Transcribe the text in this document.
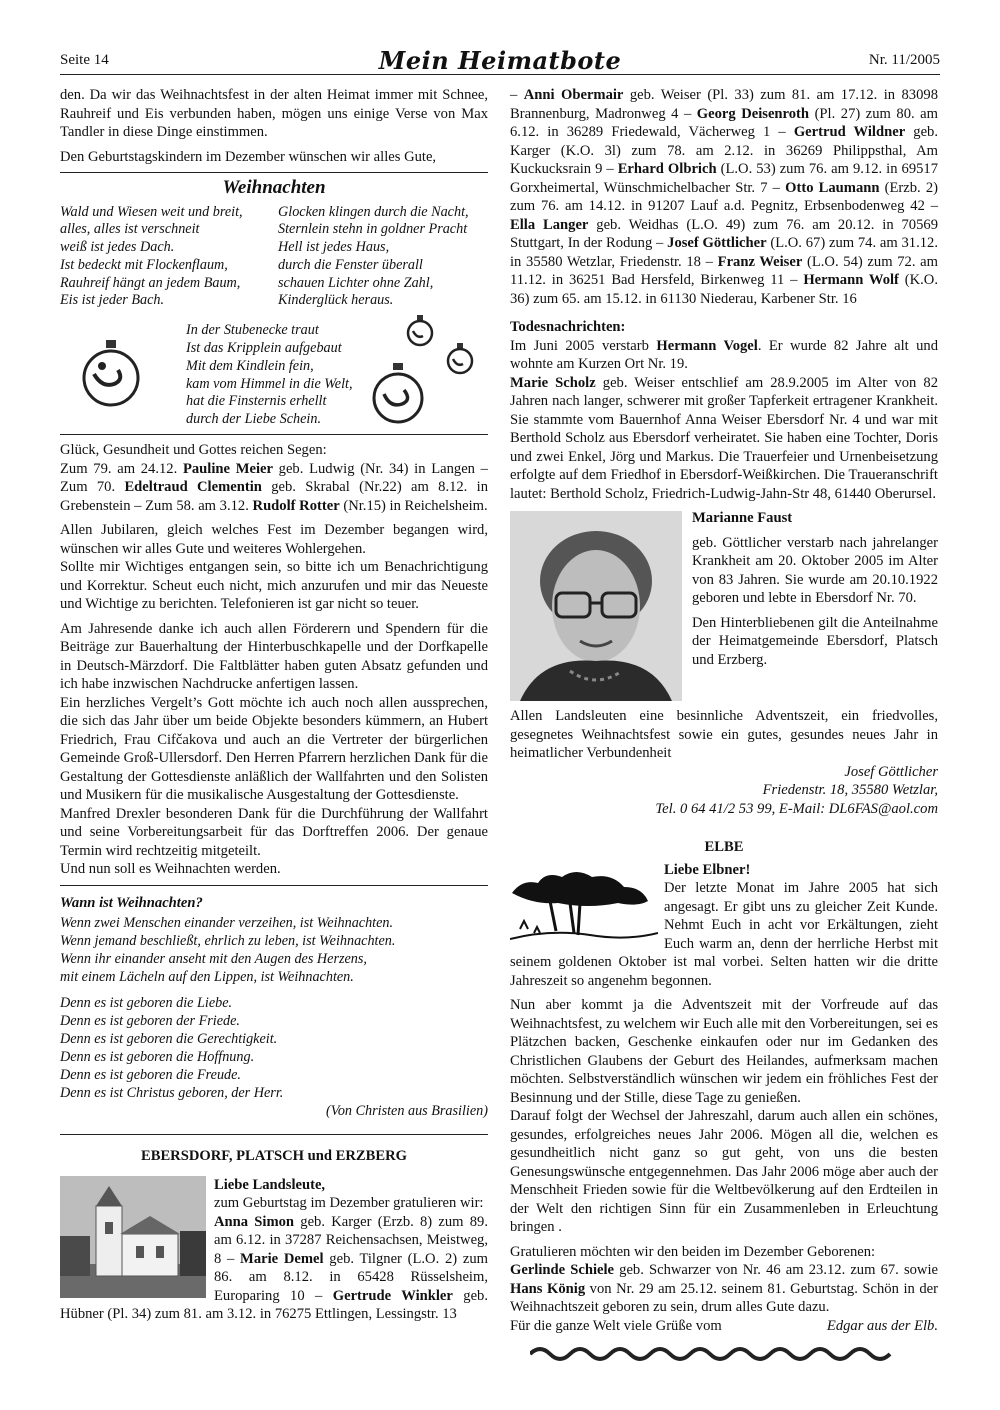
Seite 14	Mein Heimatbote	Nr. 11/2005

den. Da wir das Weihnachtsfest in der alten Heimat immer mit Schnee, Rauhreif und Eis verbunden haben, mögen uns einige Verse von Max Tandler in diese Dinge einstimmen.

Den Geburtstagskindern im Dezember wünschen wir alles Gute,

Weihnachten
Wald und Wiesen weit und breit,
alles, alles ist verschneit
weiß ist jedes Dach.
Ist bedeckt mit Flockenflaum,
Rauhreif hängt an jedem Baum,
Eis ist jeder Bach.
Glocken klingen durch die Nacht,
Sternlein stehn in goldner Pracht
Hell ist jedes Haus,
durch die Fenster überall
schauen Lichter ohne Zahl,
Kinderglück heraus.
In der Stubenecke traut
Ist das Kripplein aufgebaut
Mit dem Kindlein fein,
kam vom Himmel in die Welt,
hat die Finsternis erhellt
durch der Liebe Schein.

Glück, Gesundheit und Gottes reichen Segen:

Zum 79. am 24.12. Pauline Meier geb. Ludwig (Nr. 34) in Langen – Zum 70. Edeltraud Clementin geb. Skrabal (Nr.22) am 8.12. in Grebenstein – Zum 58. am 3.12. Rudolf Rotter (Nr.15) in Reichelsheim.

Allen Jubilaren, gleich welches Fest im Dezember begangen wird, wünschen wir alles Gute und weiteres Wohlergehen.

Sollte mir Wichtiges entgangen sein, so bitte ich um Benachrichtigung und Korrektur. Scheut euch nicht, mich anzurufen und mir das Neueste und Wichtige zu berichten. Telefonieren ist gar nicht so teuer.

Am Jahresende danke ich auch allen Förderern und Spendern für die Beiträge zur Bauerhaltung der Hinterbuschkapelle und der Dorfkapelle in Deutsch-Märzdorf. Die Faltblätter haben guten Absatz gefunden und ich habe inzwischen Nachdrucke anfertigen lassen.

Ein herzliches Vergelt’s Gott möchte ich auch noch allen aussprechen, die sich das Jahr über um beide Objekte besonders kümmern, an Hubert Friedrich, Frau Cifčakova und auch an die Vertreter der bürgerlichen Gemeinde Groß-Ullersdorf. Den Herren Pfarrern herzlichen Dank für die Gestaltung der Gottesdienste anläßlich der Wallfahrten und den Solisten und Musikern für die musikalische Ausgestaltung der Gottesdienste.

Manfred Drexler besonderen Dank für die Durchführung der Wallfahrt und seine Vorbereitungsarbeit für das Dorftreffen 2006. Der genaue Termin wird rechtzeitig mitgeteilt.

Und nun soll es Weihnachten werden.

Wann ist Weihnachten?
Wenn zwei Menschen einander verzeihen, ist Weihnachten.
Wenn jemand beschließt, ehrlich zu leben, ist Weihnachten.
Wenn ihr einander anseht mit den Augen des Herzens,
mit einem Lächeln auf den Lippen, ist Weihnachten.
Denn es ist geboren die Liebe.
Denn es ist geboren der Friede.
Denn es ist geboren die Gerechtigkeit.
Denn es ist geboren die Hoffnung.
Denn es ist geboren die Freude.
Denn es ist Christus geboren, der Herr.
(Von Christen aus Brasilien)
EBERSDORF, PLATSCH und ERZBERG
Liebe Landsleute,
zum Geburtstag im Dezember gratulieren wir:

Anna Simon geb. Karger (Erzb. 8) zum 89. am 6.12. in 37287 Reichensachsen, Meistweg, 8 – Marie Demel geb. Tilgner (L.O. 2) zum 86. am 8.12. in 65428 Rüsselsheim, Europaring 10 – Gertrude Winkler geb. Hübner (Pl. 34) zum 81. am 3.12. in 76275 Ettlingen, Lessingstr. 13

– Anni Obermair geb. Weiser (Pl. 33) zum 81. am 17.12. in 83098 Brannenburg, Madronweg 4 – Georg Deisenroth (Pl. 27) zum 80. am 6.12. in 36289 Friedewald, Vächerweg 1 – Gertrud Wildner geb. Karger (K.O. 3l) zum 78. am 2.12. in 36269 Philippsthal, Am Kuckucksrain 9 – Erhard Olbrich (L.O. 53) zum 76. am 9.12. in 69517 Gorxheimertal, Wünschmichelbacher Str. 7 – Otto Laumann (Erzb. 2) zum 76. am 14.12. in 91207 Lauf a.d. Pegnitz, Erbsenbodenweg 42 – Ella Langer geb. Weidhas (L.O. 49) zum 76. am 20.12. in 70569 Stuttgart, In der Rodung – Josef Göttlicher (L.O. 67) zum 74. am 31.12. in 35580 Wetzlar, Friedenstr. 18 – Franz Weiser (L.O. 54) zum 72. am 11.12. in 36251 Bad Hersfeld, Birkenweg 11 – Hermann Wolf (K.O. 36) zum 65. am 15.12. in 61130 Niederau, Karbener Str. 16

Todesnachrichten:

Im Juni 2005 verstarb Hermann Vogel. Er wurde 82 Jahre alt und wohnte am Kurzen Ort Nr. 19.

Marie Scholz geb. Weiser entschlief am 28.9.2005 im Alter von 82 Jahren nach langer, schwerer mit großer Tapferkeit ertragener Krankheit. Sie stammte vom Bauernhof Anna Weiser Ebersdorf Nr. 4 und war mit Berthold Scholz aus Ebersdorf verheiratet. Sie haben eine Tochter, Doris und zwei Enkel, Jörg und Markus. Die Trauerfeier und Urnenbeisetzung erfolgte auf dem Friedhof in Ebersdorf-Weißkirchen. Die Traueranschrift lautet: Berthold Scholz, Friedrich-Ludwig-Jahn-Str 48, 61440 Oberursel.

Marianne Faust

geb. Göttlicher verstarb nach jahrelanger Krankheit am 20. Oktober 2005 im Alter von 83 Jahren. Sie wurde am 20.10.1922 geboren und lebte in Ebersdorf Nr. 70.

Den Hinterbliebenen gilt die Anteilnahme der Heimatgemeinde Ebersdorf, Platsch und Erzberg.

Allen Landsleuten eine besinnliche Adventszeit, ein friedvolles, gesegnetes Weihnachtsfest sowie ein gutes, gesundes neues Jahr in heimatlicher Verbundenheit

Josef Göttlicher
Friedenstr. 18, 35580 Wetzlar,
Tel. 0 64 41/2 53 99, E-Mail: DL6FAS@aol.com
ELBE
Liebe Elbner!

Der letzte Monat im Jahre 2005 hat sich angesagt. Er gibt uns zu gleicher Zeit Kunde. Nehmt Euch in acht vor Erkältungen, zieht Euch warm an, denn der herrliche Herbst mit seinem goldenen Oktober ist mal vorbei. Selten hatten wir die dritte Jahreszeit so angenehm begonnen.

Nun aber kommt ja die Adventszeit mit der Vorfreude auf das Weihnachtsfest, zu welchem wir Euch alle mit den Vorbereitungen, sei es Plätzchen backen, Geschenke einkaufen oder nur im Gedanken des Christlichen Glaubens der Geburt des Heilandes, aufmerksam machen möchten. Selbstverständlich wünschen wir jedem ein fröhliches Fest der Besinnung und der Stille, diese Tage zu genießen.

Darauf folgt der Wechsel der Jahreszahl, darum auch allen ein schönes, gesundes, erfolgreiches neues Jahr 2006. Mögen all die, welchen es gesundheitlich nicht ganz so gut geht, von uns die besten Genesungswünsche entgegennehmen. Das Jahr 2006 möge aber auch der Menschheit Frieden sowie für die Weltbevölkerung auf den Erdteilen in der Welt den richtigen Sinn für ein Zusammenleben in Erleuchtung bringen .

Gratulieren möchten wir den beiden im Dezember Geborenen:

Gerlinde Schiele geb. Schwarzer von Nr. 46 am 23.12. zum 67. sowie Hans König von Nr. 29 am 25.12. seinem 81. Geburtstag. Schön in der Weihnachtszeit geboren zu sein, drum alles Gute dazu.

Für die ganze Welt viele Grüße vom	Edgar aus der Elb.
